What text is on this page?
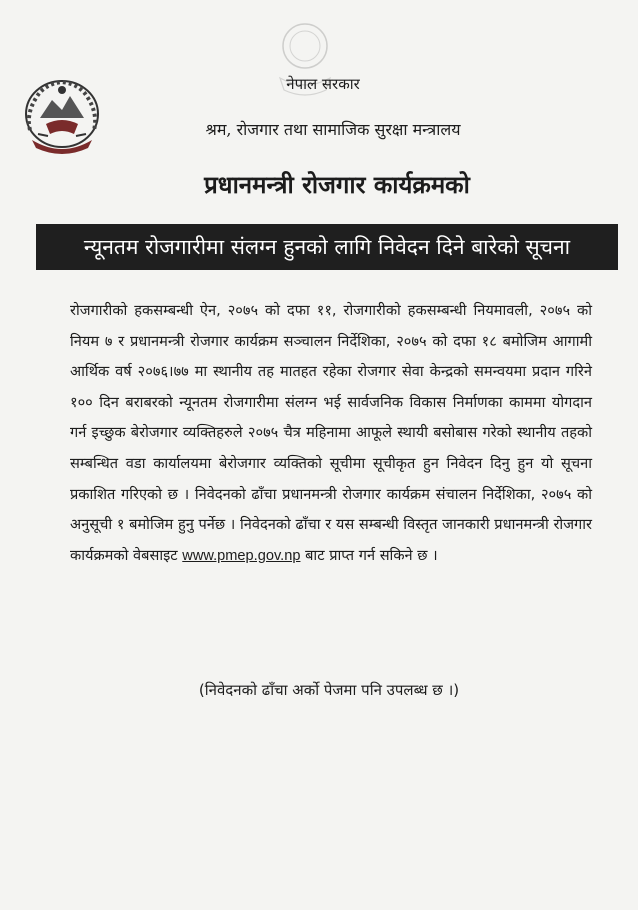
नेपाल सरकार
श्रम, रोजगार तथा सामाजिक सुरक्षा मन्त्रालय
प्रधानमन्त्री रोजगार कार्यक्रमको
न्यूनतम रोजगारीमा संलग्न हुनको लागि निवेदन दिने बारेको सूचना
रोजगारीको हकसम्बन्धी ऐन, २०७५ को दफा ११, रोजगारीको हकसम्बन्धी नियमावली, २०७५ को नियम ७ र प्रधानमन्त्री रोजगार कार्यक्रम सञ्चालन निर्देशिका, २०७५ को दफा १८ बमोजिम आगामी आर्थिक वर्ष २०७६।७७ मा स्थानीय तह मातहत रहेका रोजगार सेवा केन्द्रको समन्वयमा प्रदान गरिने १०० दिन बराबरको न्यूनतम रोजगारीमा संलग्न भई सार्वजनिक विकास निर्माणका काममा योगदान गर्न इच्छुक बेरोजगार व्यक्तिहरुले २०७५ चैत्र महिनामा आफूले स्थायी बसोबास गरेको स्थानीय तहको सम्बन्धित वडा कार्यालयमा बेरोजगार व्यक्तिको सूचीमा सूचीकृत हुन निवेदन दिनु हुन यो सूचना प्रकाशित गरिएको छ । निवेदनको ढाँचा प्रधानमन्त्री रोजगार कार्यक्रम संचालन निर्देशिका, २०७५ को अनुसूची १ बमोजिम हुनु पर्नेछ । निवेदनको ढाँचा र यस सम्बन्धी विस्तृत जानकारी प्रधानमन्त्री रोजगार कार्यक्रमको वेबसाइट www.pmep.gov.np बाट प्राप्त गर्न सकिने छ ।
(निवेदनको ढाँचा अर्को पेजमा पनि उपलब्ध छ ।)
